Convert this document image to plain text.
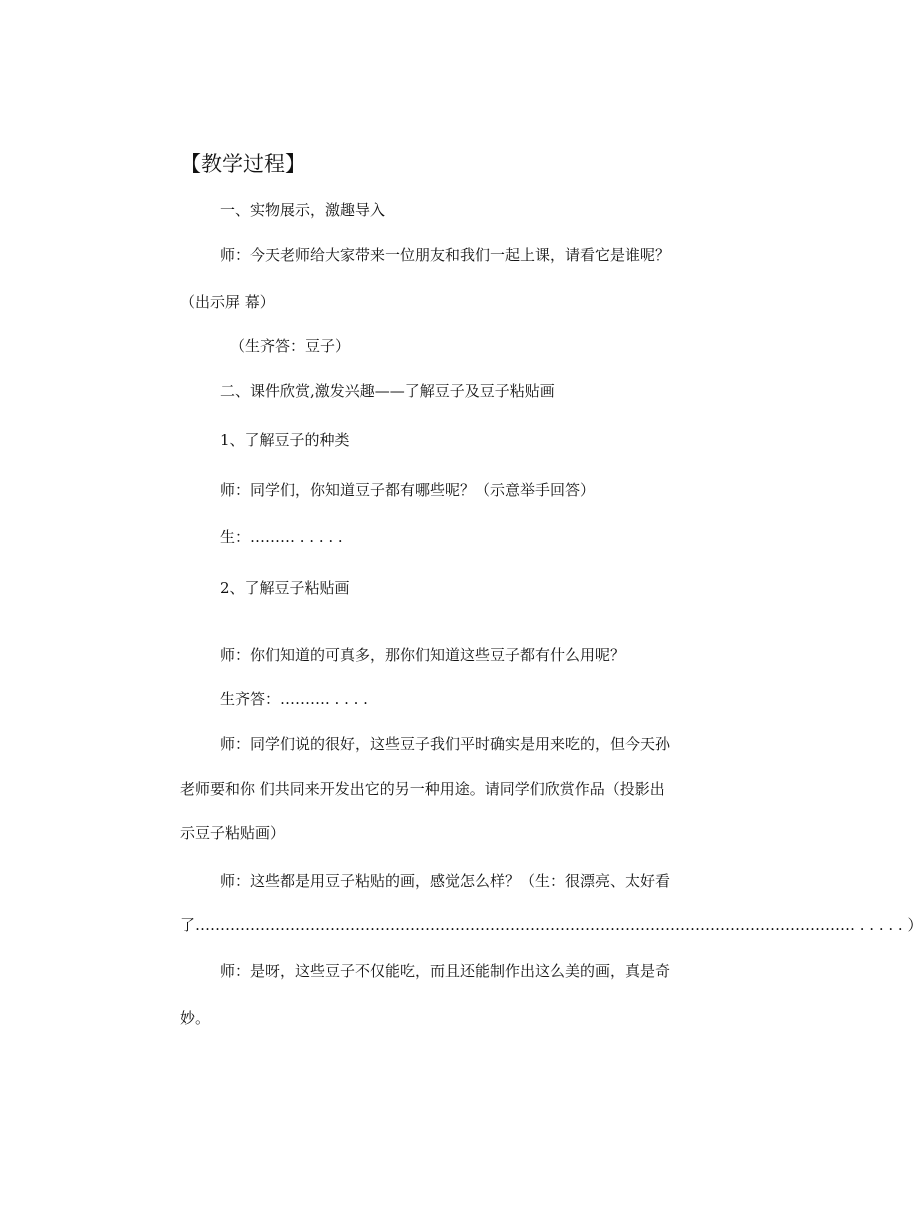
【教学过程】
一、实物展示，激趣导入
师：今天老师给大家带来一位朋友和我们一起上课，请看它是谁呢？
（出示屏 幕）
（生齐答：豆子）
二、课件欣赏,激发兴趣——了解豆子及豆子粘贴画
1、了解豆子的种类
师：同学们，你知道豆子都有哪些呢？（示意举手回答）
生：……… . . . . .
2、了解豆子粘贴画
师：你们知道的可真多，那你们知道这些豆子都有什么用呢？
生齐答：………. . . . .
师：同学们说的很好，这些豆子我们平时确实是用来吃的，但今天孙
老师要和你 们共同来开发出它的另一种用途。请同学们欣赏作品（投影出
示豆子粘贴画）
师：这些都是用豆子粘贴的画，感觉怎么样？（生：很漂亮、太好看
了…………………………………………………………………………………………………………………… . . . . . ）
师：是呀，这些豆子不仅能吃，而且还能制作出这么美的画，真是奇
妙。
